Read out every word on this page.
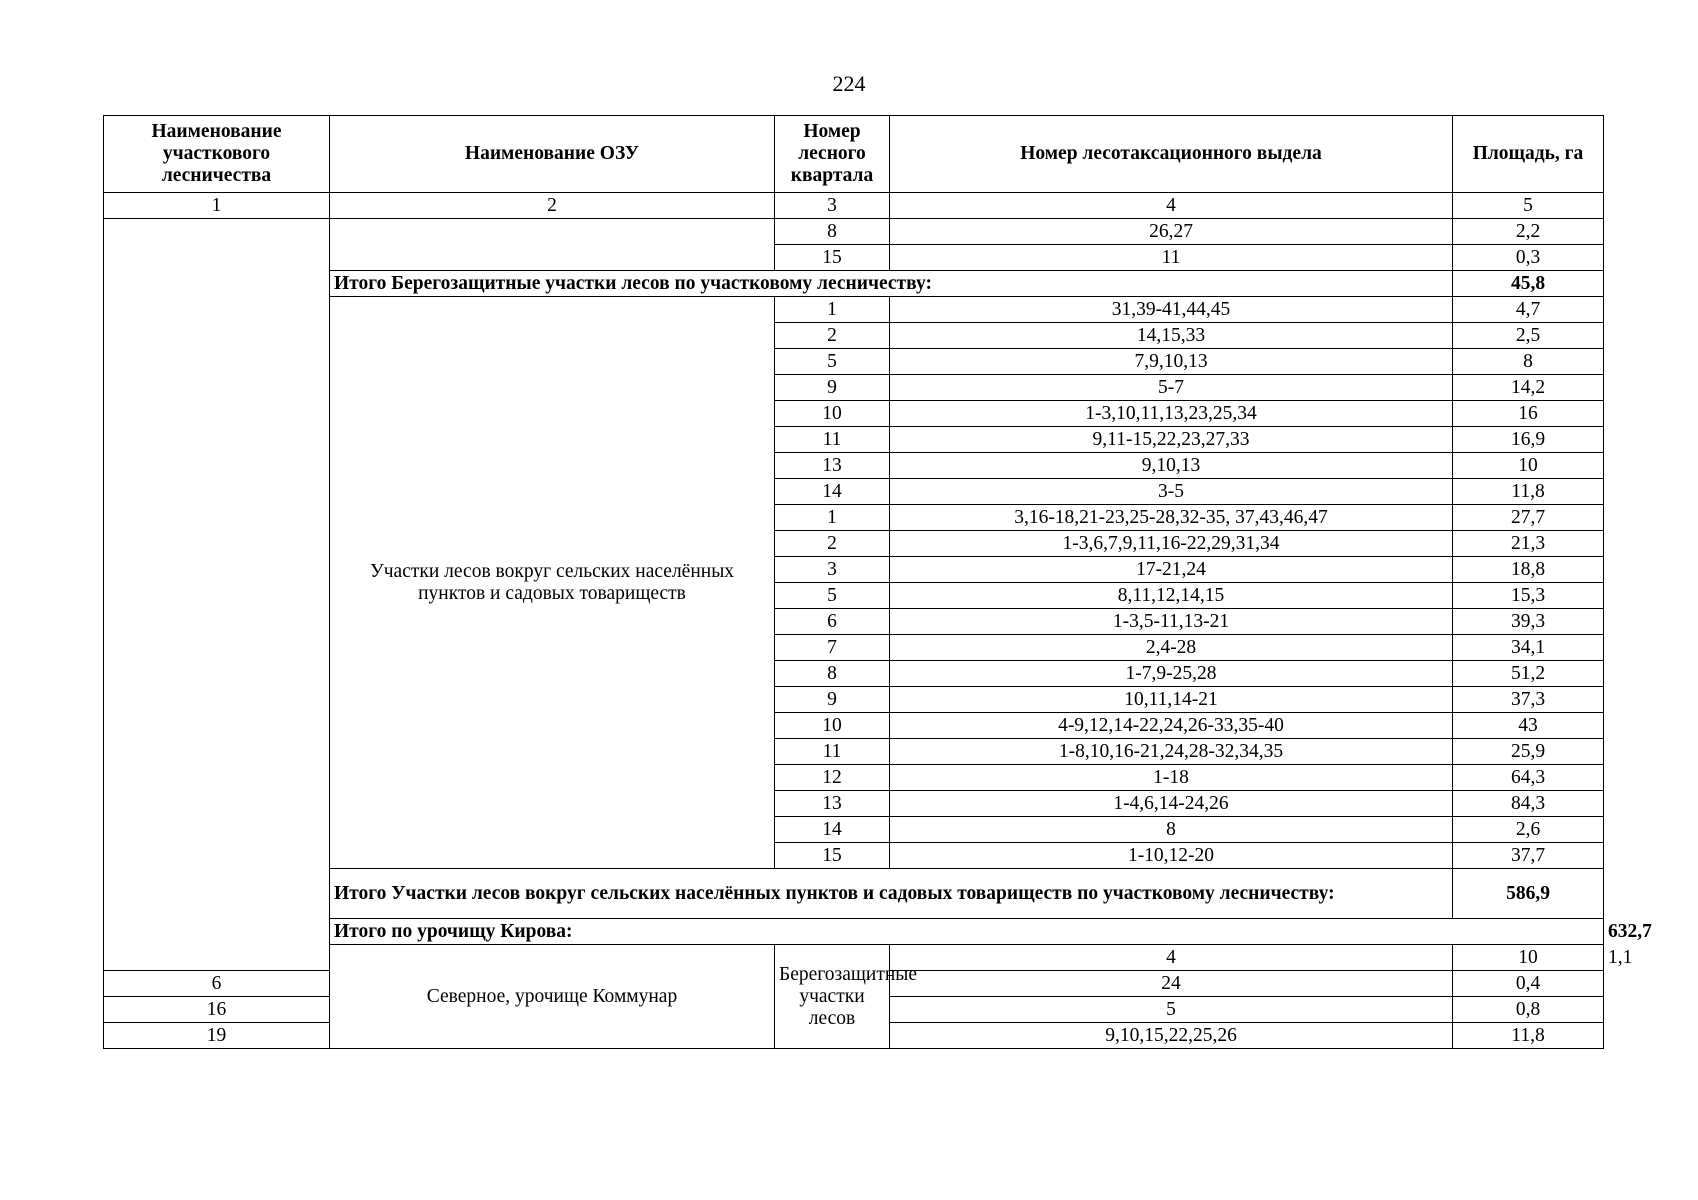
224
Наименование участкового лесничества	Наименование ОЗУ	Номер лесного квартала	Номер лесотаксационного выдела	Площадь, га	
1	2	3	4	5	
		8	26,27	2,2	
		15	11	0,3	
	Итого Берегозащитные участки лесов по участковому лесничеству:			45,8	
	Участки лесов вокруг сельских населённых пунктов и садовых товариществ	1	31,39-41,44,45	4,7	
		2	14,15,33	2,5	
		5	7,9,10,13	8	
		9	5-7	14,2	
		10	1-3,10,11,13,23,25,34	16	
		11	9,11-15,22,23,27,33	16,9	
		13	9,10,13	10	
		14	3-5	11,8	
		1	3,16-18,21-23,25-28,32-35, 37,43,46,47	27,7	
		2	1-3,6,7,9,11,16-22,29,31,34	21,3	
		3	17-21,24	18,8	
		5	8,11,12,14,15	15,3	
		6	1-3,5-11,13-21	39,3	
		7	2,4-28	34,1	
		8	1-7,9-25,28	51,2	
		9	10,11,14-21	37,3	
		10	4-9,12,14-22,24,26-33,35-40	43	
		11	1-8,10,16-21,24,28-32,34,35	25,9	
		12	1-18	64,3	
		13	1-4,6,14-24,26	84,3	
		14	8	2,6	
		15	1-10,12-20	37,7	
	Итого Участки лесов вокруг сельских населённых пунктов и садовых товариществ по участковому лесничеству:			586,9	
	Итого по урочищу Кирова:				632,7
	Северное, урочище Коммунар	Берегозащитные участки лесов	4	10	1,1
6			24	0,4	
16			5	0,8	
19			9,10,15,22,25,26	11,8	
